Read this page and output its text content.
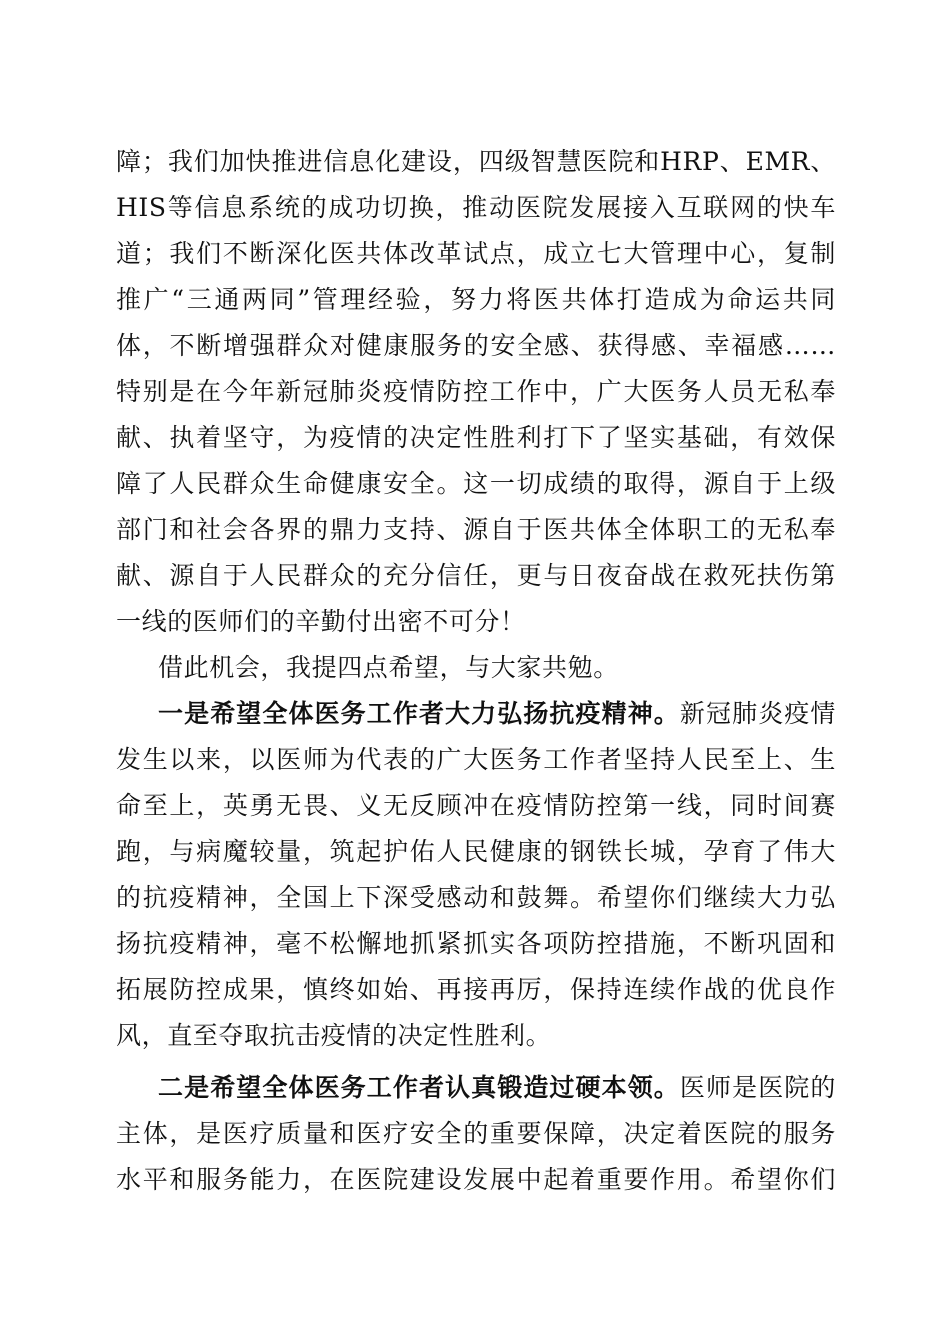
障；我们加快推进信息化建设，四级智慧医院和HRP、EMR、
HIS等信息系统的成功切换，推动医院发展接入互联网的快车
道；我们不断深化医共体改革试点，成立七大管理中心，复制
推广“三通两同”管理经验，努力将医共体打造成为命运共同
体，不断增强群众对健康服务的安全感、获得感、幸福感……
特别是在今年新冠肺炎疫情防控工作中，广大医务人员无私奉
献、执着坚守，为疫情的决定性胜利打下了坚实基础，有效保
障了人民群众生命健康安全。这一切成绩的取得，源自于上级
部门和社会各界的鼎力支持、源自于医共体全体职工的无私奉
献、源自于人民群众的充分信任，更与日夜奋战在救死扶伤第
一线的医师们的辛勤付出密不可分！
借此机会，我提四点希望，与大家共勉。
一是希望全体医务工作者大力弘扬抗疫精神。新冠肺炎疫情
发生以来，以医师为代表的广大医务工作者坚持人民至上、生
命至上，英勇无畏、义无反顾冲在疫情防控第一线，同时间赛
跑，与病魔较量，筑起护佑人民健康的钢铁长城，孕育了伟大
的抗疫精神，全国上下深受感动和鼓舞。希望你们继续大力弘
扬抗疫精神，毫不松懈地抓紧抓实各项防控措施，不断巩固和
拓展防控成果，慎终如始、再接再厉，保持连续作战的优良作
风，直至夺取抗击疫情的决定性胜利。
二是希望全体医务工作者认真锻造过硬本领。医师是医院的
主体，是医疗质量和医疗安全的重要保障，决定着医院的服务
水平和服务能力，在医院建设发展中起着重要作用。希望你们
